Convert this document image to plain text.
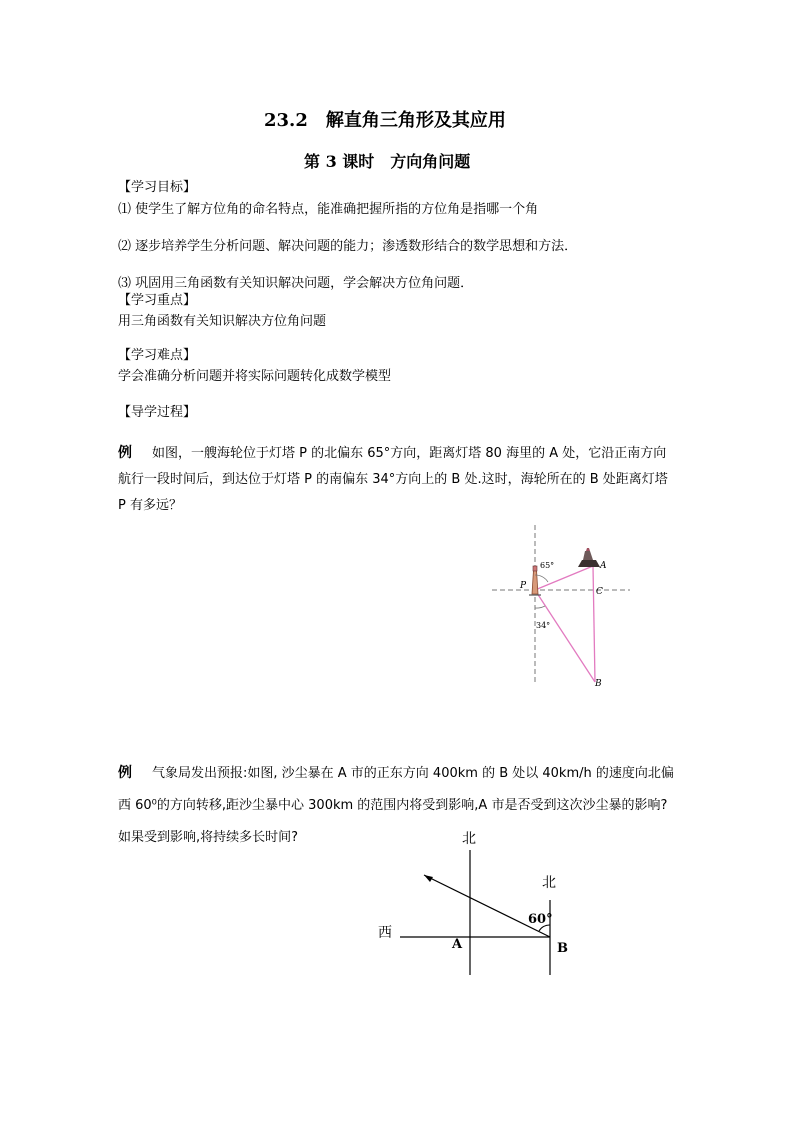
23.2　解直角三角形及其应用
第 3 课时　方向角问题
【学习目标】
⑴ 使学生了解方位角的命名特点，能准确把握所指的方位角是指哪一个角
⑵ 逐步培养学生分析问题、解决问题的能力；渗透数形结合的数学思想和方法．
⑶ 巩固用三角函数有关知识解决问题，学会解决方位角问题．
【学习重点】
用三角函数有关知识解决方位角问题
【学习难点】
学会准确分析问题并将实际问题转化成数学模型
【导学过程】
例 如图，一艘海轮位于灯塔 P 的北偏东 65°方向，距离灯塔 80 海里的 A 处，它沿正南方向航行一段时间后，到达位于灯塔 P 的南偏东 34°方向上的 B 处.这时，海轮所在的 B 处距离灯塔 P 有多远？
65°
34°
P
A
C
B
例 气象局发出预报:如图, 沙尘暴在 A 市的正东方向 400km 的 B 处以 40km/h 的速度向北偏西 60⁰的方向转移,距沙尘暴中心 300km 的范围内将受到影响,A 市是否受到这次沙尘暴的影响?如果受到影响,将持续多长时间?	北
北
西
60°
A	B
